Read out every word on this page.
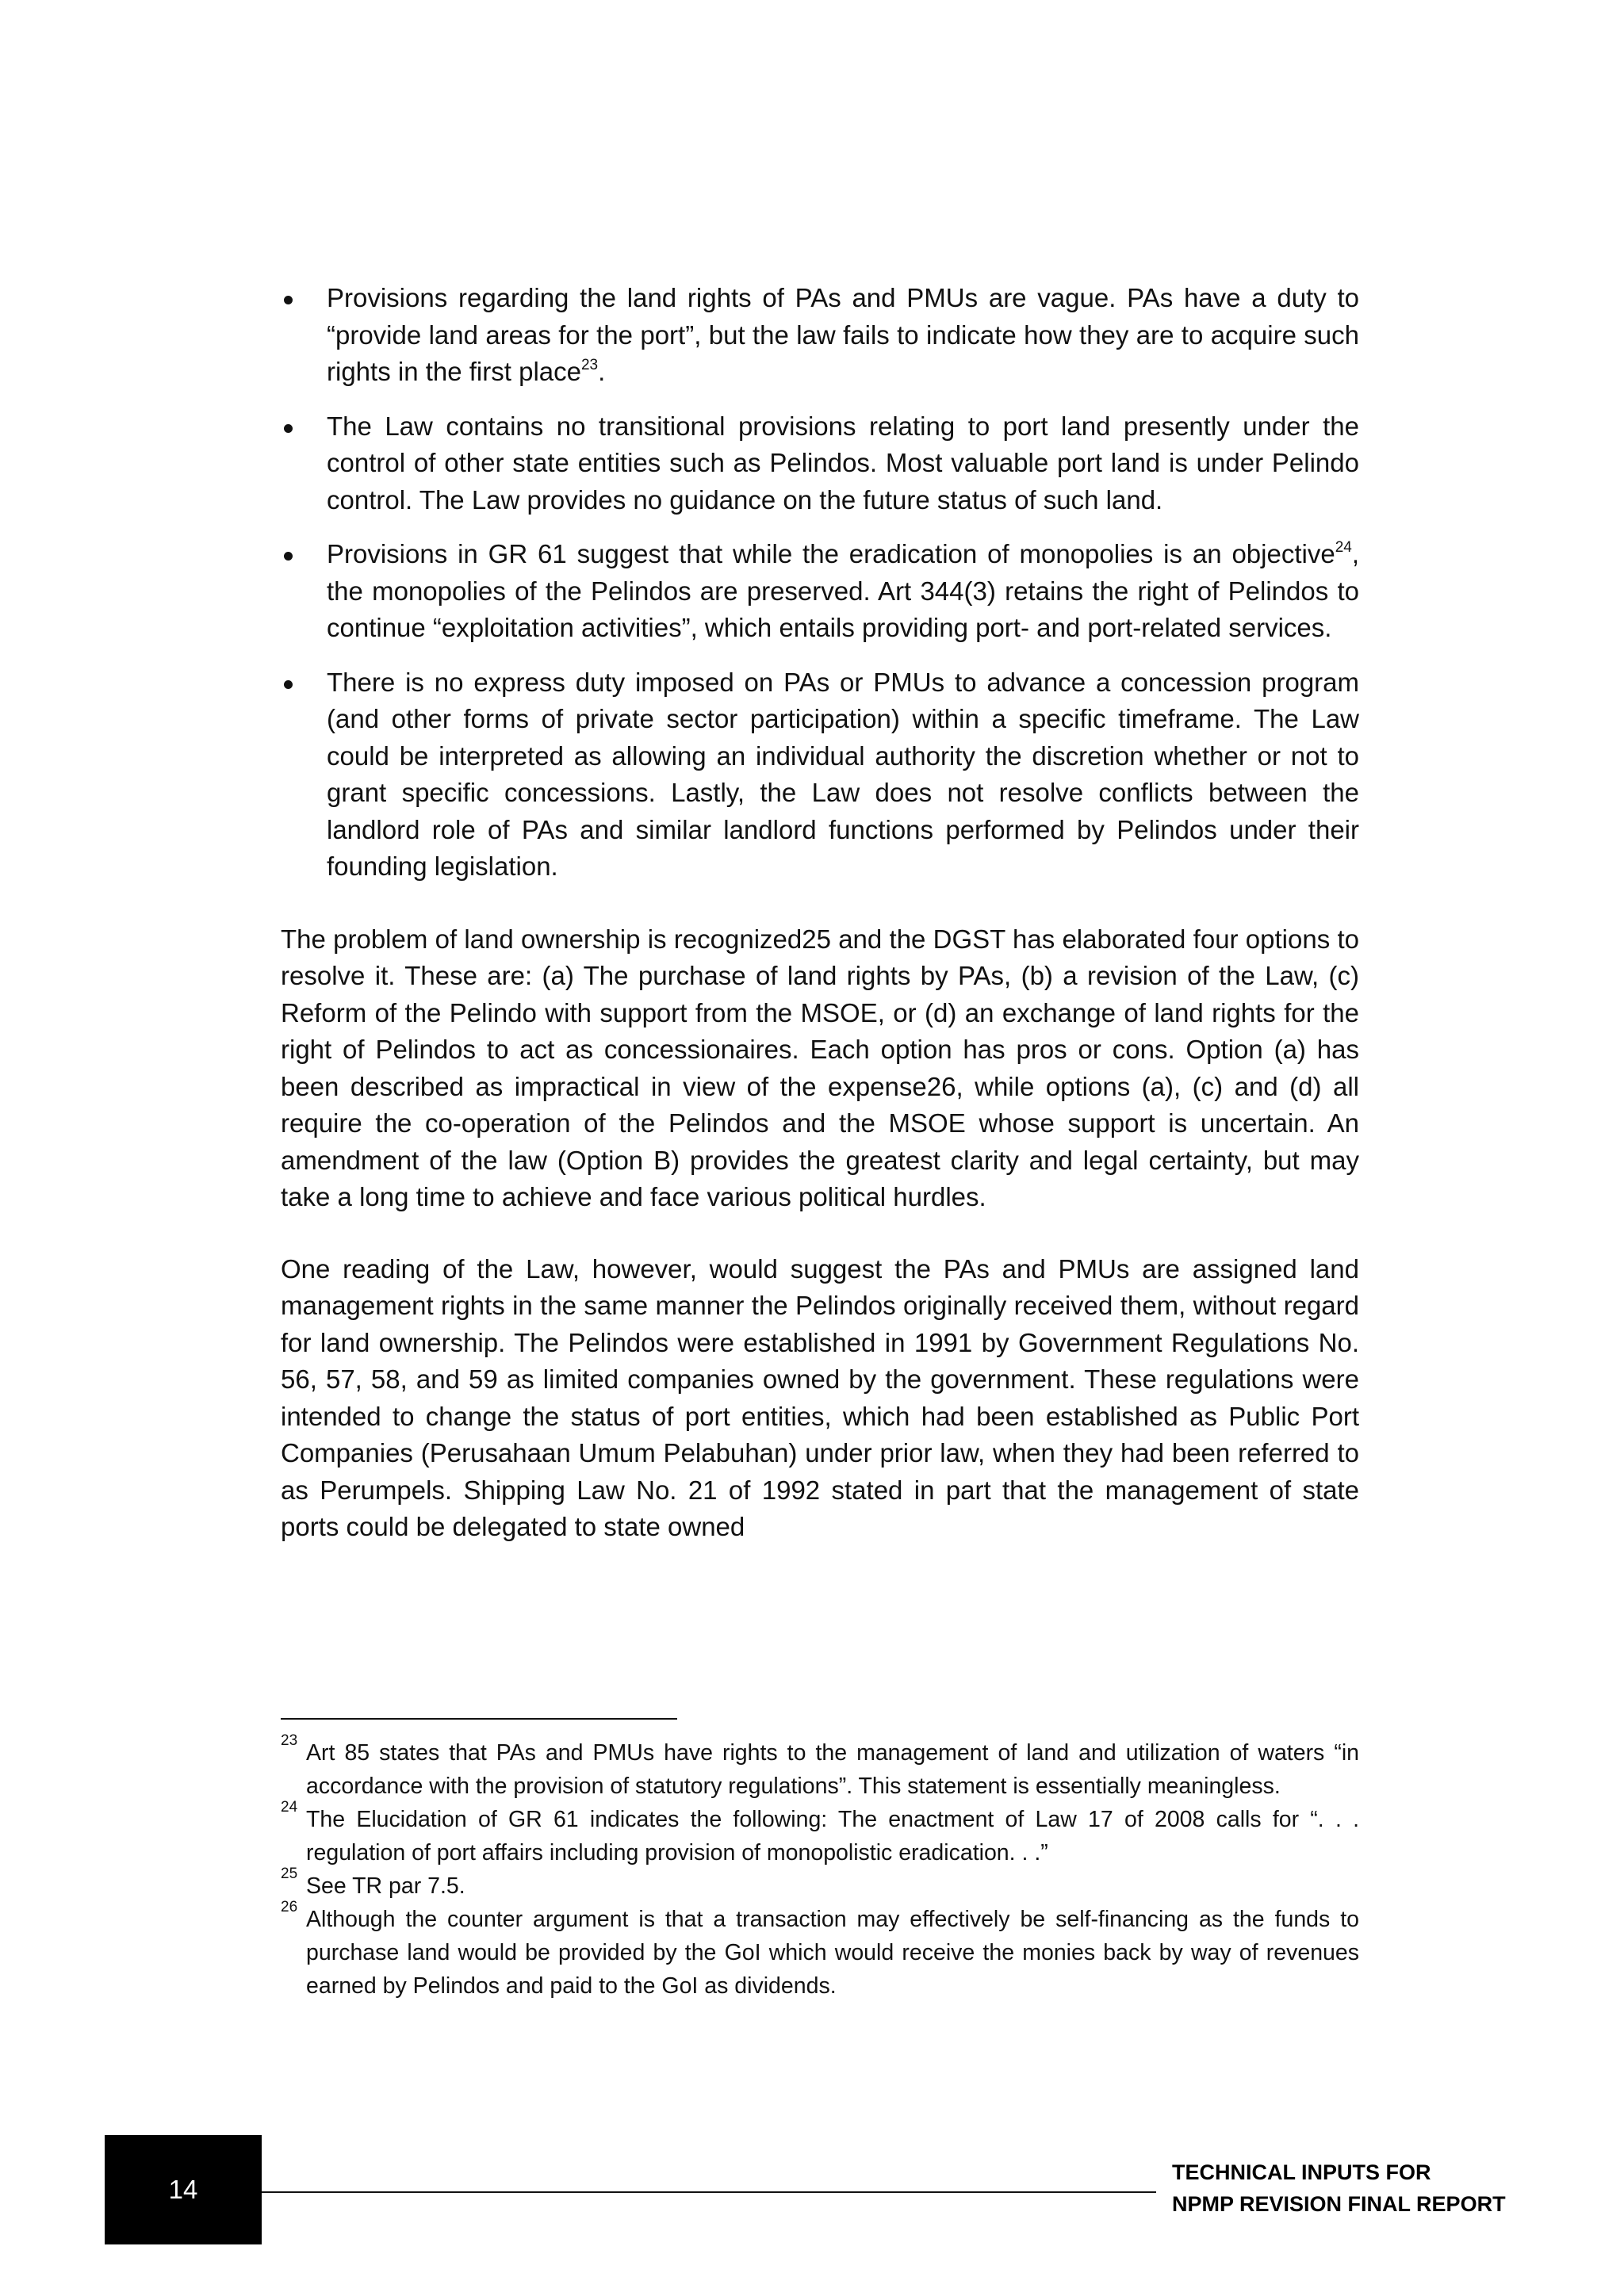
Provisions regarding the land rights of PAs and PMUs are vague. PAs have a duty to “provide land areas for the port”, but the law fails to indicate how they are to acquire such rights in the first place$^{23}$.
The Law contains no transitional provisions relating to port land presently under the control of other state entities such as Pelindos. Most valuable port land is under Pelindo control. The Law provides no guidance on the future status of such land.
Provisions in GR 61 suggest that while the eradication of monopolies is an objective$^{24}$, the monopolies of the Pelindos are preserved. Art 344(3) retains the right of Pelindos to continue “exploitation activities”, which entails providing port- and port-related services.
There is no express duty imposed on PAs or PMUs to advance a concession program (and other forms of private sector participation) within a specific timeframe. The Law could be interpreted as allowing an individual authority the discretion whether or not to grant specific concessions. Lastly, the Law does not resolve conflicts between the landlord role of PAs and similar landlord functions performed by Pelindos under their founding legislation.

The problem of land ownership is recognized25 and the DGST has elaborated four options to resolve it. These are: (a) The purchase of land rights by PAs, (b) a revision of the Law, (c) Reform of the Pelindo with support from the MSOE, or (d) an exchange of land rights for the right of Pelindos to act as concessionaires. Each option has pros or cons. Option (a) has been described as impractical in view of the expense26, while options (a), (c) and (d) all require the co-operation of the Pelindos and the MSOE whose support is uncertain. An amendment of the law (Option B) provides the greatest clarity and legal certainty, but may take a long time to achieve and face various political hurdles.

One reading of the Law, however, would suggest the PAs and PMUs are assigned land management rights in the same manner the Pelindos originally received them, without regard for land ownership. The Pelindos were established in 1991 by Government Regulations No. 56, 57, 58, and 59 as limited companies owned by the government. These regulations were intended to change the status of port entities, which had been established as Public Port Companies (Perusahaan Umum Pelabuhan) under prior law, when they had been referred to as Perumpels. Shipping Law No. 21 of 1992 stated in part that the management of state ports could be delegated to state owned

23 Art 85 states that PAs and PMUs have rights to the management of land and utilization of waters “in accordance with the provision of statutory regulations”. This statement is essentially meaningless.

24 The Elucidation of GR 61 indicates the following: The enactment of Law 17 of 2008 calls for “. . . regulation of port affairs including provision of monopolistic eradication. . .”

25 See TR par 7.5.

26 Although the counter argument is that a transaction may effectively be self-financing as the funds to purchase land would be provided by the GoI which would receive the monies back by way of revenues earned by Pelindos and paid to the GoI as dividends.

14
TECHNICAL INPUTS FOR
NPMP REVISION FINAL REPORT
